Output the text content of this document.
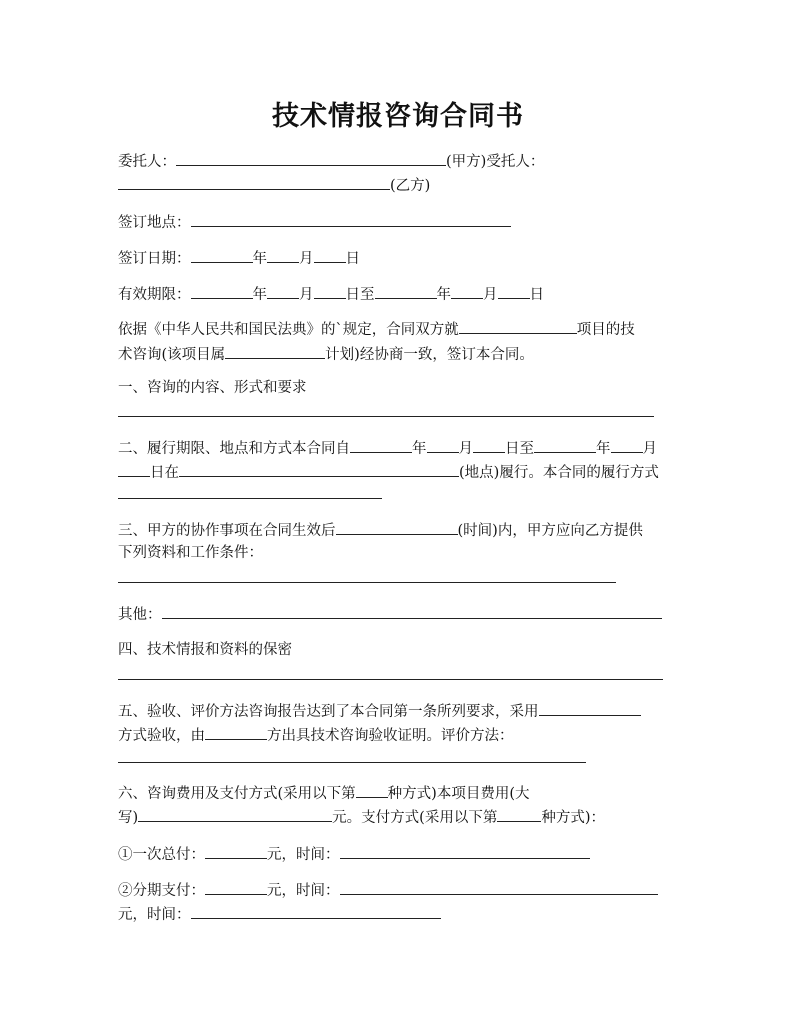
技术情报咨询合同书
委托人：	(甲方)受托人：
(乙方)
签订地点：
签订日期：	年 月 日
有效期限：	年 月 日至	年 月 日
依据《中华人民共和国民法典》的`规定，合同双方就	项目的技
术咨询(该项目属	计划)经协商一致，签订本合同。
一、咨询的内容、形式和要求
二、履行期限、地点和方式本合同自	年 月 日至	年 月
日在	(地点)履行。本合同的履行方式
三、甲方的协作事项在合同生效后	(时间)内，甲方应向乙方提供
下列资料和工作条件：
其他：
四、技术情报和资料的保密
五、验收、评价方法咨询报告达到了本合同第一条所列要求，采用
方式验收，由	方出具技术咨询验收证明。评价方法：
六、咨询费用及支付方式(采用以下第 种方式)本项目费用(大
写)	元。支付方式(采用以下第	种方式)：
①一次总付：	元，时间：
②分期支付：	元，时间：
元，时间：
